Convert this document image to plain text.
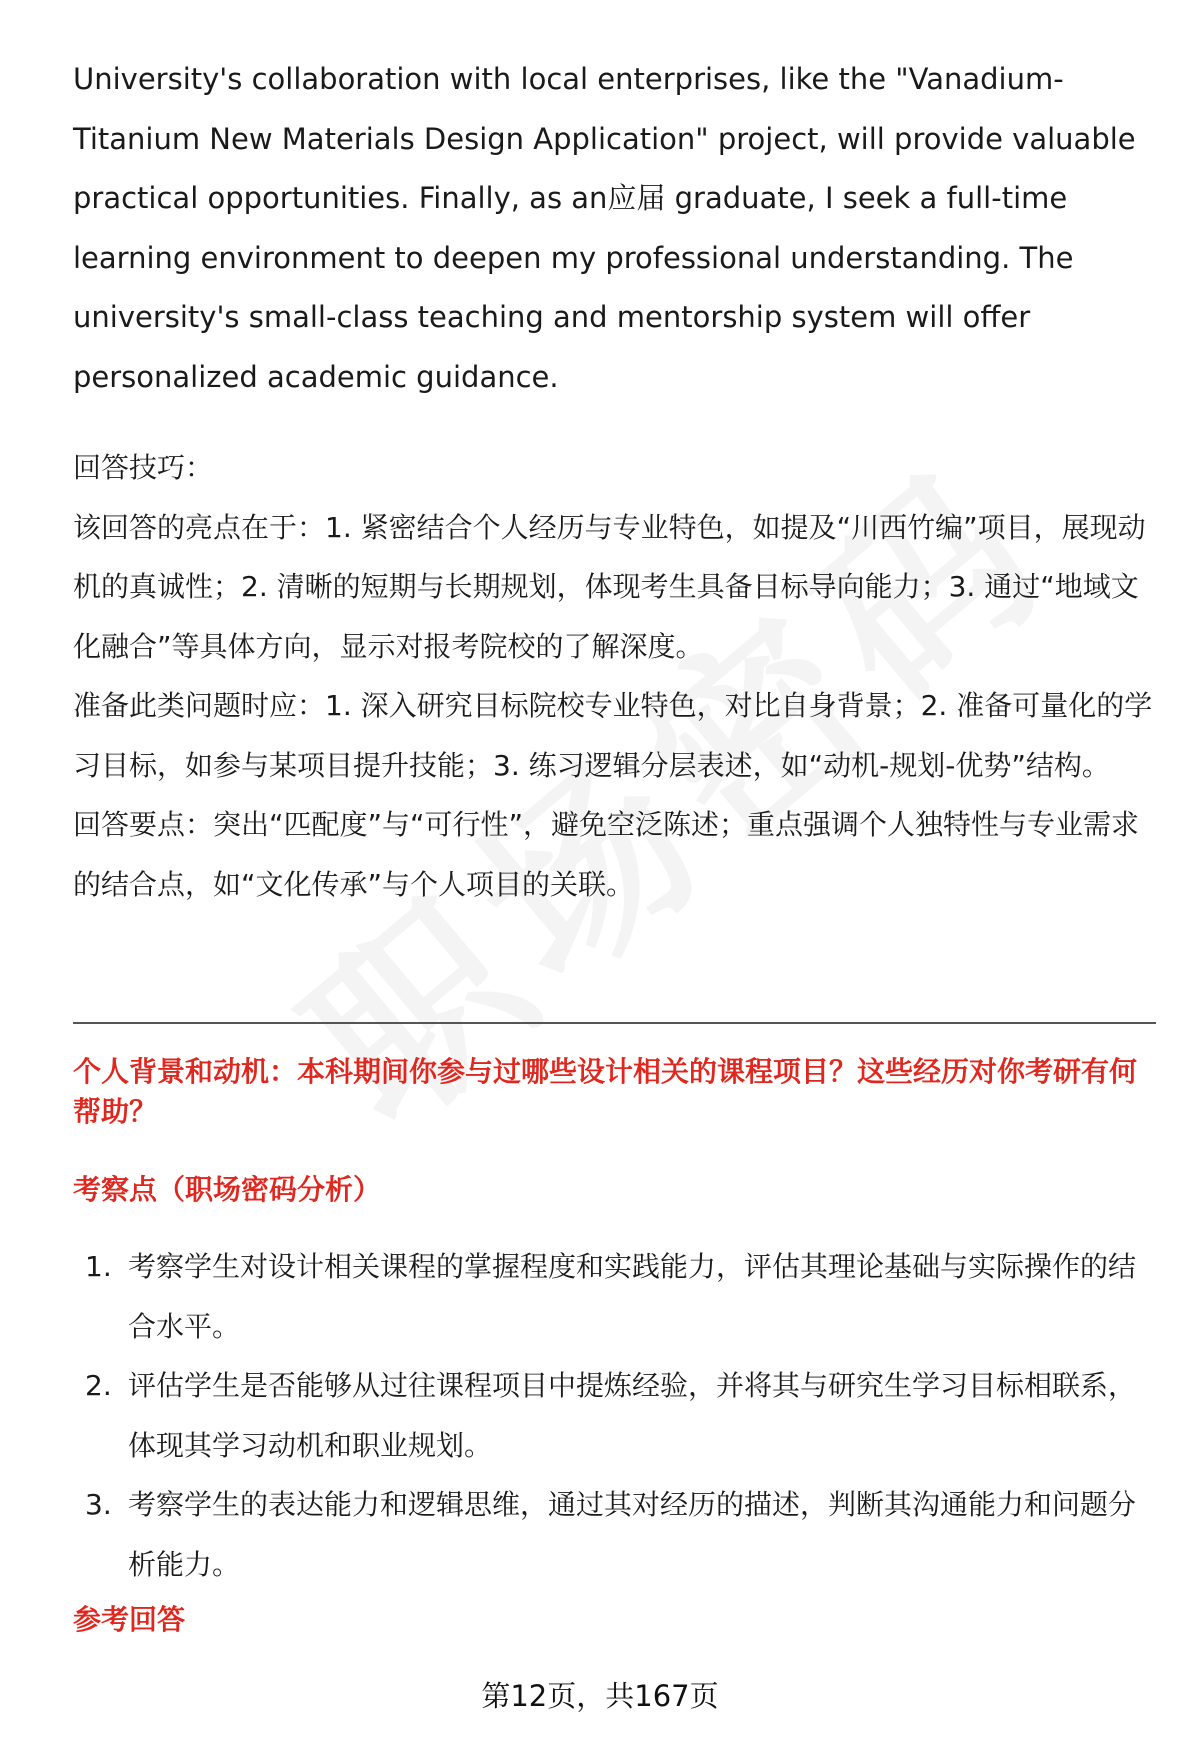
University's collaboration with local enterprises, like the "Vanadium-Titanium New Materials Design Application" project, will provide valuable practical opportunities. Finally, as an应届 graduate, I seek a full-time learning environment to deepen my professional understanding. The university's small-class teaching and mentorship system will offer personalized academic guidance.

回答技巧：

该回答的亮点在于：1. 紧密结合个人经历与专业特色，如提及“川西竹编”项目，展现动机的真诚性；2. 清晰的短期与长期规划，体现考生具备目标导向能力；3. 通过“地域文化融合”等具体方向，显示对报考院校的了解深度。

准备此类问题时应：1. 深入研究目标院校专业特色，对比自身背景；2. 准备可量化的学习目标，如参与某项目提升技能；3. 练习逻辑分层表述，如“动机-规划-优势”结构。

回答要点：突出“匹配度”与“可行性”，避免空泛陈述；重点强调个人独特性与专业需求的结合点，如“文化传承”与个人项目的关联。

个人背景和动机：本科期间你参与过哪些设计相关的课程项目？这些经历对你考研有何帮助？
考察点（职场密码分析）
1. 考察学生对设计相关课程的掌握程度和实践能力，评估其理论基础与实际操作的结合水平。
2. 评估学生是否能够从过往课程项目中提炼经验，并将其与研究生学习目标相联系，体现其学习动机和职业规划。
3. 考察学生的表达能力和逻辑思维，通过其对经历的描述，判断其沟通能力和问题分析能力。
参考回答
第12页，共167页
